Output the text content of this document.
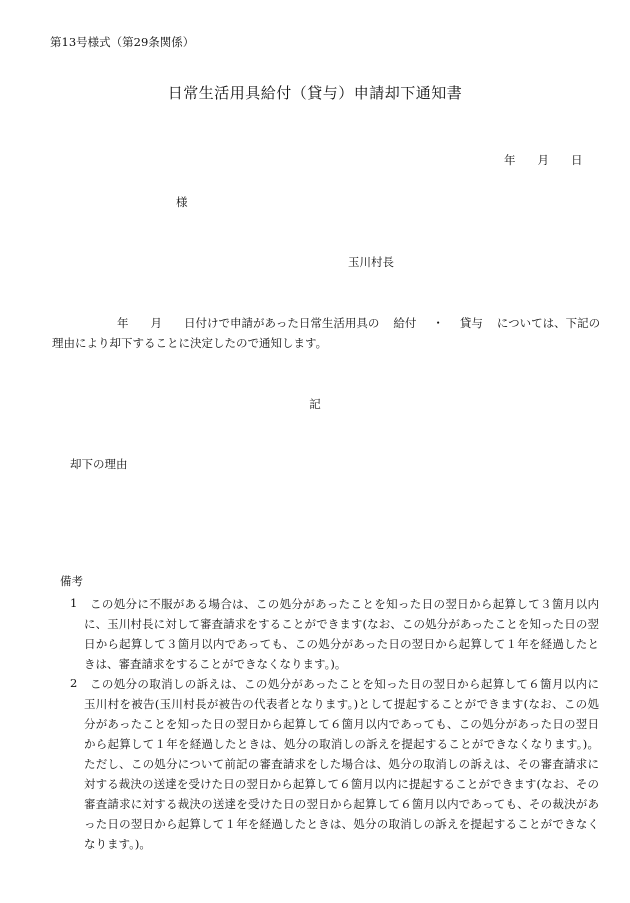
第13号様式（第29条関係）
日常生活用具給付（貸与）申請却下通知書
年 月 日
様
玉川村長
年 月 日付けで申請があった日常生活用具の 給付 ・ 貸与 については、下記の
理由により却下することに決定したので通知します。
記
却下の理由
備考
1 この処分に不服がある場合は、この処分があったことを知った日の翌日から起算して３箇月以内
に、玉川村長に対して審査請求をすることができます(なお、この処分があったことを知った日の翌
日から起算して３箇月以内であっても、この処分があった日の翌日から起算して１年を経過したと
きは、審査請求をすることができなくなります。)。
2 この処分の取消しの訴えは、この処分があったことを知った日の翌日から起算して６箇月以内に
玉川村を被告(玉川村長が被告の代表者となります。)として提起することができます(なお、この処
分があったことを知った日の翌日から起算して６箇月以内であっても、この処分があった日の翌日
から起算して１年を経過したときは、処分の取消しの訴えを提起することができなくなります。)。
ただし、この処分について前記の審査請求をした場合は、処分の取消しの訴えは、その審査請求に
対する裁決の送達を受けた日の翌日から起算して６箇月以内に提起することができます(なお、その
審査請求に対する裁決の送達を受けた日の翌日から起算して６箇月以内であっても、その裁決があ
った日の翌日から起算して１年を経過したときは、処分の取消しの訴えを提起することができなく
なります。)。
